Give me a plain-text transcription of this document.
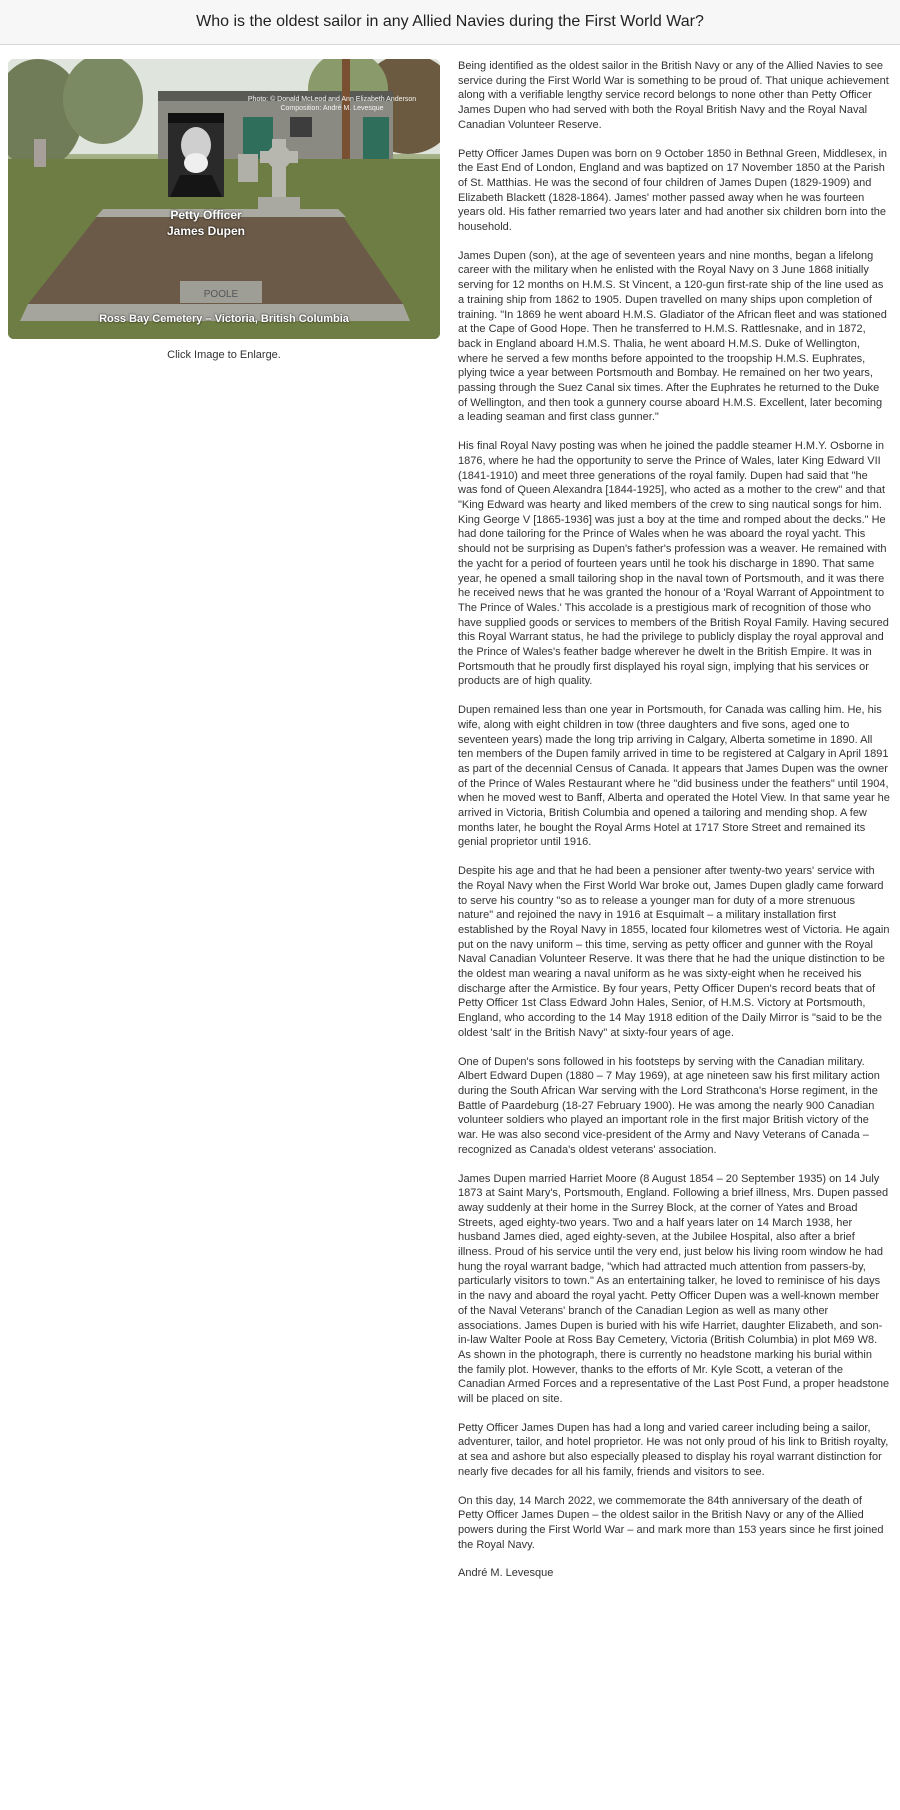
Who is the oldest sailor in any Allied Navies during the First World War?
POOLE
Photo: © Donald McLeod and Ann Elizabeth Anderson
Composition: André M. Levesque
Petty Officer
James Dupen
Ross Bay Cemetery – Victoria, British Columbia
Click Image to Enlarge.

Being identified as the oldest sailor in the British Navy or any of the Allied Navies to see service during the First World War is something to be proud of. That unique achievement along with a verifiable lengthy service record belongs to none other than Petty Officer James Dupen who had served with both the Royal British Navy and the Royal Naval Canadian Volunteer Reserve.

Petty Officer James Dupen was born on 9 October 1850 in Bethnal Green, Middlesex, in the East End of London, England and was baptized on 17 November 1850 at the Parish of St. Matthias. He was the second of four children of James Dupen (1829-1909) and Elizabeth Blackett (1828-1864). James' mother passed away when he was fourteen years old. His father remarried two years later and had another six children born into the household.

James Dupen (son), at the age of seventeen years and nine months, began a lifelong career with the military when he enlisted with the Royal Navy on 3 June 1868 initially serving for 12 months on H.M.S. St Vincent, a 120-gun first-rate ship of the line used as a training ship from 1862 to 1905. Dupen travelled on many ships upon completion of training. "In 1869 he went aboard H.M.S. Gladiator of the African fleet and was stationed at the Cape of Good Hope. Then he transferred to H.M.S. Rattlesnake, and in 1872, back in England aboard H.M.S. Thalia, he went aboard H.M.S. Duke of Wellington, where he served a few months before appointed to the troopship H.M.S. Euphrates, plying twice a year between Portsmouth and Bombay. He remained on her two years, passing through the Suez Canal six times. After the Euphrates he returned to the Duke of Wellington, and then took a gunnery course aboard H.M.S. Excellent, later becoming a leading seaman and first class gunner."

His final Royal Navy posting was when he joined the paddle steamer H.M.Y. Osborne in 1876, where he had the opportunity to serve the Prince of Wales, later King Edward VII (1841-1910) and meet three generations of the royal family. Dupen had said that "he was fond of Queen Alexandra [1844-1925], who acted as a mother to the crew" and that "King Edward was hearty and liked members of the crew to sing nautical songs for him. King George V [1865-1936] was just a boy at the time and romped about the decks." He had done tailoring for the Prince of Wales when he was aboard the royal yacht. This should not be surprising as Dupen's father's profession was a weaver. He remained with the yacht for a period of fourteen years until he took his discharge in 1890. That same year, he opened a small tailoring shop in the naval town of Portsmouth, and it was there he received news that he was granted the honour of a 'Royal Warrant of Appointment to The Prince of Wales.' This accolade is a prestigious mark of recognition of those who have supplied goods or services to members of the British Royal Family. Having secured this Royal Warrant status, he had the privilege to publicly display the royal approval and the Prince of Wales's feather badge wherever he dwelt in the British Empire. It was in Portsmouth that he proudly first displayed his royal sign, implying that his services or products are of high quality.

Dupen remained less than one year in Portsmouth, for Canada was calling him. He, his wife, along with eight children in tow (three daughters and five sons, aged one to seventeen years) made the long trip arriving in Calgary, Alberta sometime in 1890. All ten members of the Dupen family arrived in time to be registered at Calgary in April 1891 as part of the decennial Census of Canada. It appears that James Dupen was the owner of the Prince of Wales Restaurant where he "did business under the feathers" until 1904, when he moved west to Banff, Alberta and operated the Hotel View. In that same year he arrived in Victoria, British Columbia and opened a tailoring and mending shop. A few months later, he bought the Royal Arms Hotel at 1717 Store Street and remained its genial proprietor until 1916.

Despite his age and that he had been a pensioner after twenty-two years' service with the Royal Navy when the First World War broke out, James Dupen gladly came forward to serve his country "so as to release a younger man for duty of a more strenuous nature" and rejoined the navy in 1916 at Esquimalt – a military installation first established by the Royal Navy in 1855, located four kilometres west of Victoria. He again put on the navy uniform – this time, serving as petty officer and gunner with the Royal Naval Canadian Volunteer Reserve. It was there that he had the unique distinction to be the oldest man wearing a naval uniform as he was sixty-eight when he received his discharge after the Armistice. By four years, Petty Officer Dupen's record beats that of Petty Officer 1st Class Edward John Hales, Senior, of H.M.S. Victory at Portsmouth, England, who according to the 14 May 1918 edition of the Daily Mirror is "said to be the oldest 'salt' in the British Navy" at sixty-four years of age.

One of Dupen's sons followed in his footsteps by serving with the Canadian military. Albert Edward Dupen (1880 – 7 May 1969), at age nineteen saw his first military action during the South African War serving with the Lord Strathcona's Horse regiment, in the Battle of Paardeburg (18-27 February 1900). He was among the nearly 900 Canadian volunteer soldiers who played an important role in the first major British victory of the war. He was also second vice-president of the Army and Navy Veterans of Canada – recognized as Canada's oldest veterans' association.

James Dupen married Harriet Moore (8 August 1854 – 20 September 1935) on 14 July 1873 at Saint Mary's, Portsmouth, England. Following a brief illness, Mrs. Dupen passed away suddenly at their home in the Surrey Block, at the corner of Yates and Broad Streets, aged eighty-two years. Two and a half years later on 14 March 1938, her husband James died, aged eighty-seven, at the Jubilee Hospital, also after a brief illness. Proud of his service until the very end, just below his living room window he had hung the royal warrant badge, "which had attracted much attention from passers-by, particularly visitors to town." As an entertaining talker, he loved to reminisce of his days in the navy and aboard the royal yacht. Petty Officer Dupen was a well-known member of the Naval Veterans' branch of the Canadian Legion as well as many other associations. James Dupen is buried with his wife Harriet, daughter Elizabeth, and son-in-law Walter Poole at Ross Bay Cemetery, Victoria (British Columbia) in plot M69 W8. As shown in the photograph, there is currently no headstone marking his burial within the family plot. However, thanks to the efforts of Mr. Kyle Scott, a veteran of the Canadian Armed Forces and a representative of the Last Post Fund, a proper headstone will be placed on site.

Petty Officer James Dupen has had a long and varied career including being a sailor, adventurer, tailor, and hotel proprietor. He was not only proud of his link to British royalty, at sea and ashore but also especially pleased to display his royal warrant distinction for nearly five decades for all his family, friends and visitors to see.

On this day, 14 March 2022, we commemorate the 84th anniversary of the death of Petty Officer James Dupen – the oldest sailor in the British Navy or any of the Allied powers during the First World War – and mark more than 153 years since he first joined the Royal Navy.

André M. Levesque
